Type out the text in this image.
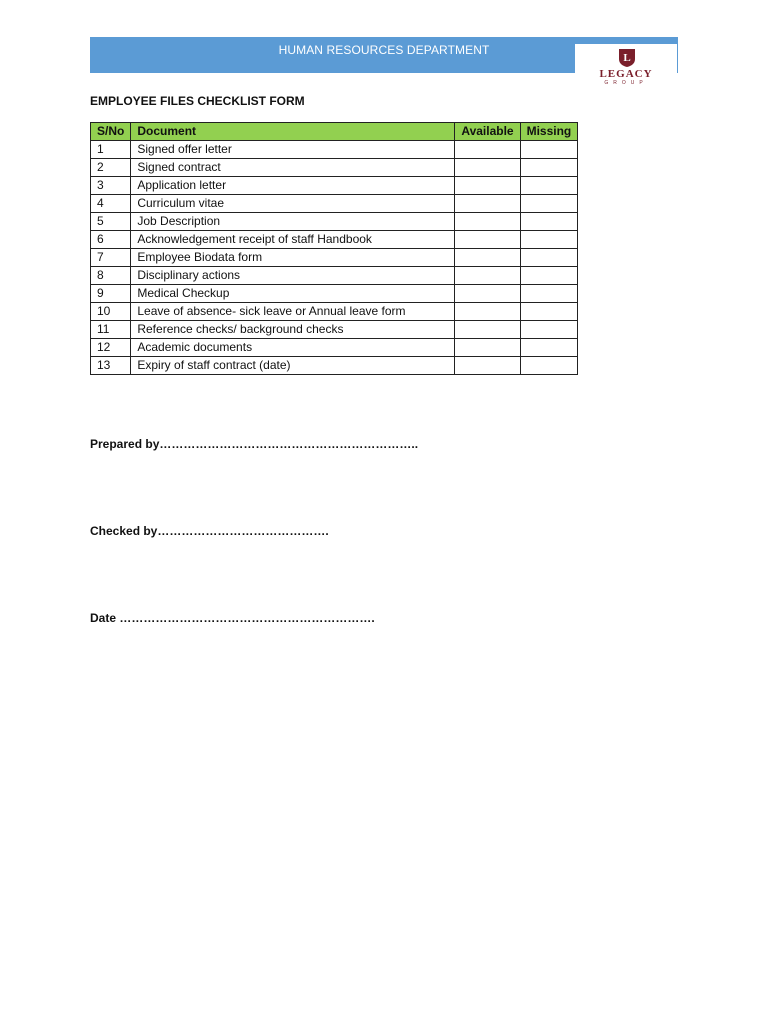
HUMAN RESOURCES DEPARTMENT
L
LEGACY
GROUP
EMPLOYEE FILES CHECKLIST FORM
S/No	Document	Available	Missing
1	Signed offer letter		
2	Signed contract		
3	Application letter		
4	Curriculum vitae		
5	Job Description		
6	Acknowledgement receipt of staff Handbook		
7	Employee Biodata form		
8	Disciplinary actions		
9	Medical Checkup		
10	Leave of absence- sick leave or Annual leave form		
11	Reference checks/ background checks		
12	Academic documents		
13	Expiry of staff contract (date)		
Prepared by………………………………………………………..
Checked by…………………………………….
Date ……………………………………………………….
